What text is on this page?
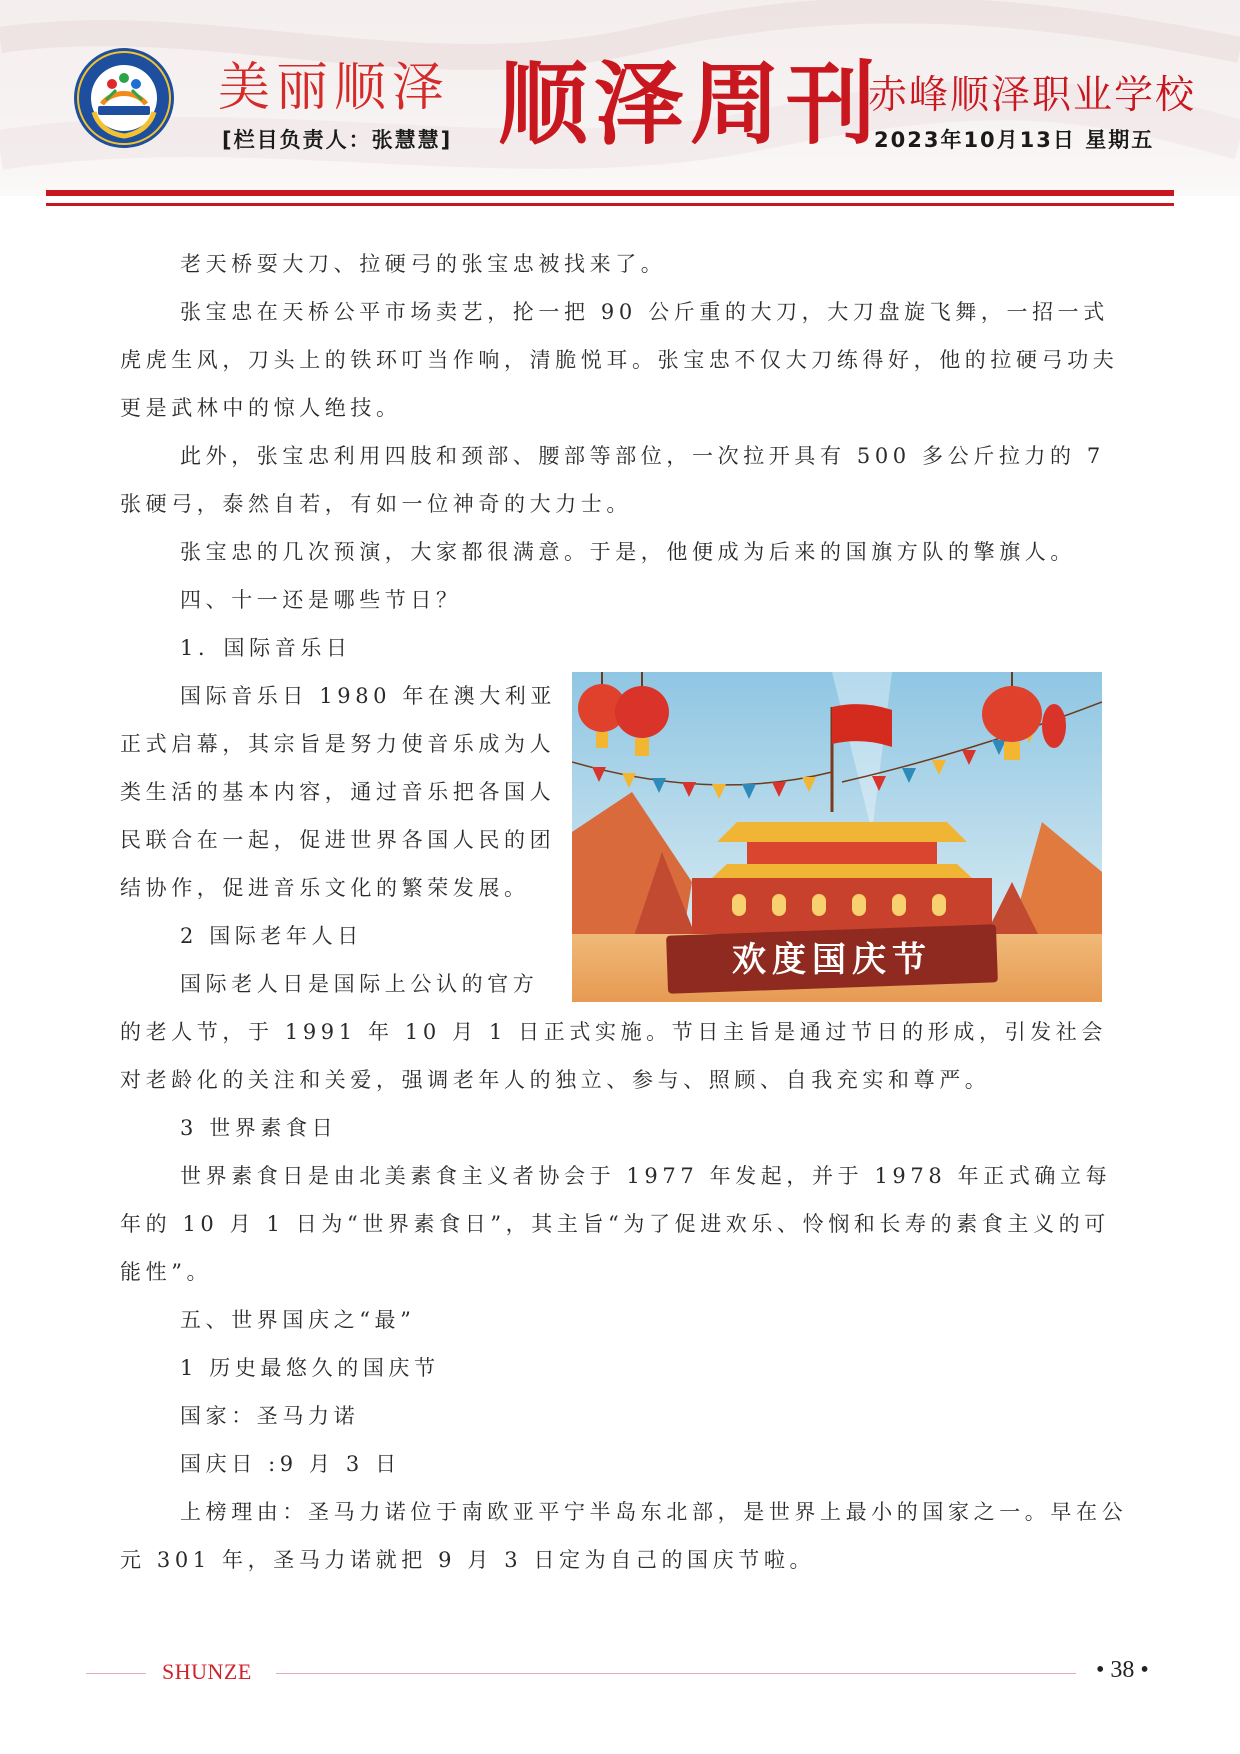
美丽顺泽
[栏目负责人：张慧慧] 顺泽周刊
赤峰顺泽职业学校
2023年10月13日 星期五

老天桥耍大刀、拉硬弓的张宝忠被找来了。

张宝忠在天桥公平市场卖艺，抡一把 90 公斤重的大刀，大刀盘旋飞舞，一招一式虎虎生风，刀头上的铁环叮当作响，清脆悦耳。张宝忠不仅大刀练得好，他的拉硬弓功夫更是武林中的惊人绝技。

此外，张宝忠利用四肢和颈部、腰部等部位，一次拉开具有 500 多公斤拉力的 7 张硬弓，泰然自若，有如一位神奇的大力士。

张宝忠的几次预演，大家都很满意。于是，他便成为后来的国旗方队的擎旗人。

四、十一还是哪些节日？

1．国际音乐日

国际音乐日 1980 年在澳大利亚正式启幕，其宗旨是努力使音乐成为人类生活的基本内容，通过音乐把各国人民联合在一起，促进世界各国人民的团结协作，促进音乐文化的繁荣发展。

2 国际老年人日

国际老人日是国际上公认的官方

的老人节，于 1991 年 10 月 1 日正式实施。节日主旨是通过节日的形成，引发社会对老龄化的关注和关爱，强调老年人的独立、参与、照顾、自我充实和尊严。

3 世界素食日

世界素食日是由北美素食主义者协会于 1977 年发起，并于 1978 年正式确立每年的 10 月 1 日为“世界素食日”，其主旨“为了促进欢乐、怜悯和长寿的素食主义的可能性”。

五、世界国庆之“最”

1 历史最悠久的国庆节

国家：圣马力诺

国庆日 :9 月 3 日

上榜理由：圣马力诺位于南欧亚平宁半岛东北部，是世界上最小的国家之一。早在公元 301 年，圣马力诺就把 9 月 3 日定为自己的国庆节啦。

欢度国庆节
SHUNZE	• 38 •
